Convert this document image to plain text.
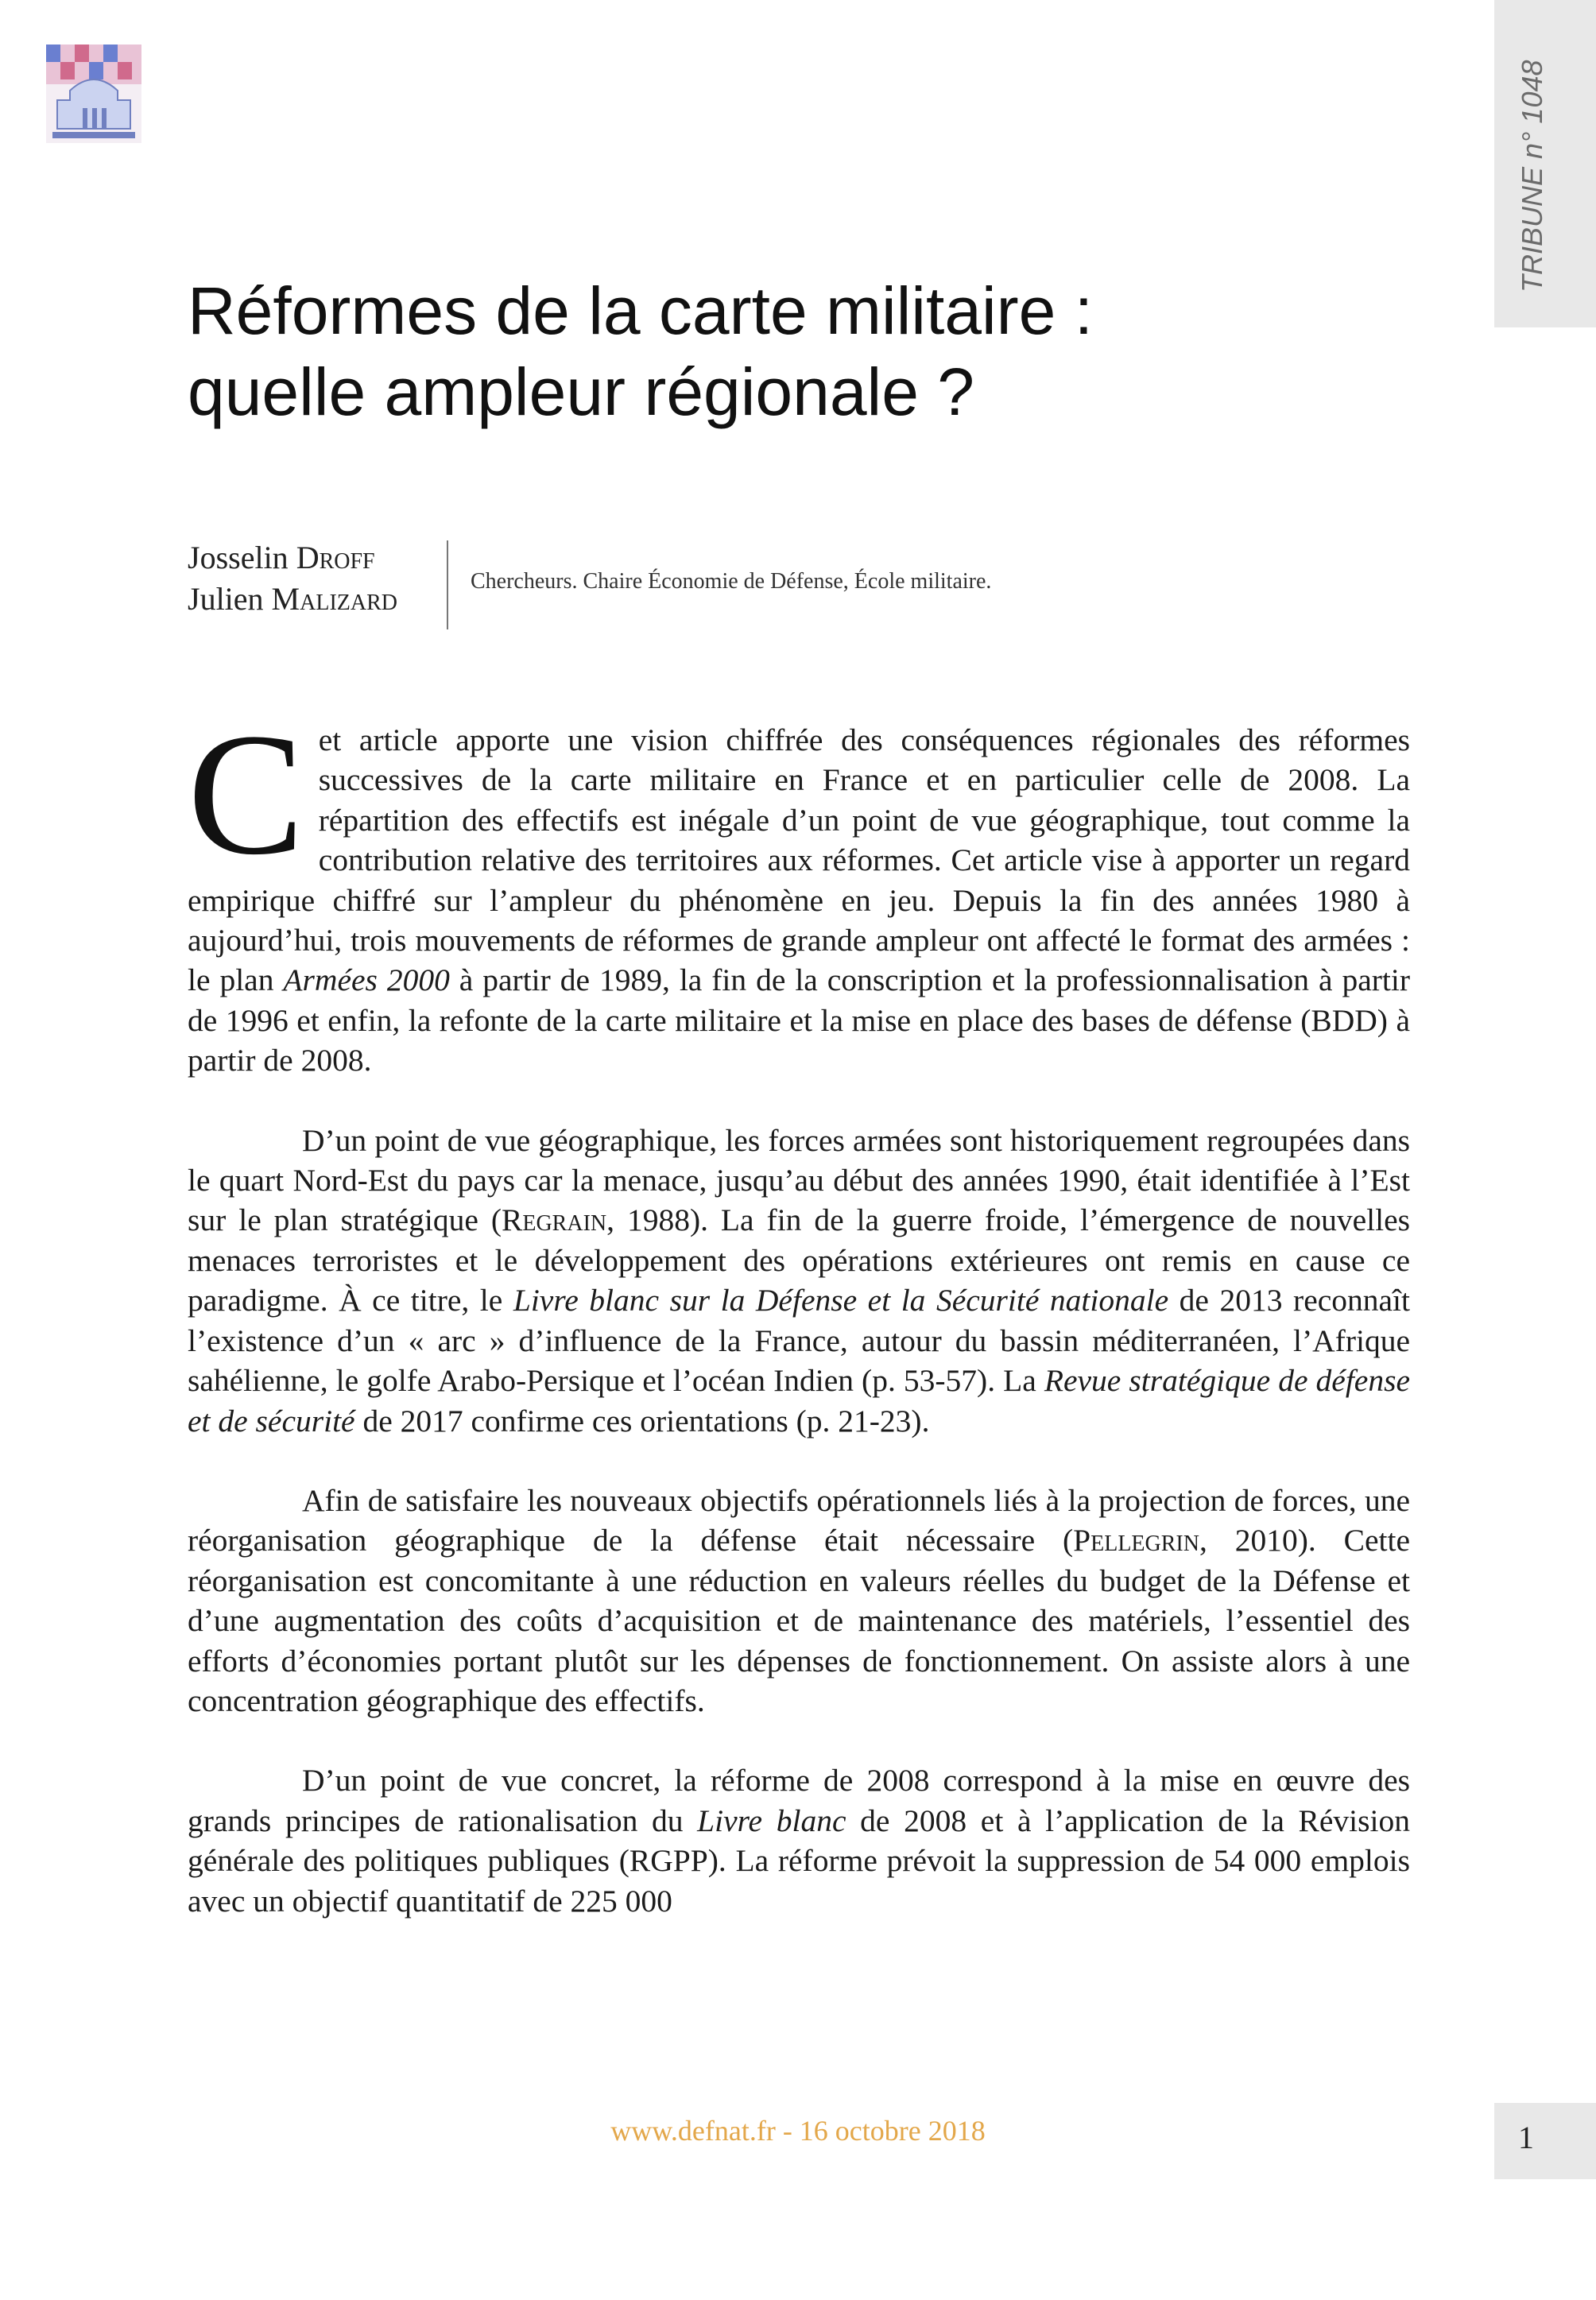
TRIBUNE n° 1048
Réformes de la carte militaire :
quelle ampleur régionale ?
Josselin Droff
Julien Malizard	Chercheurs. Chaire Économie de Défense, École militaire.

Cet article apporte une vision chiffrée des conséquences régionales des réformes successives de la carte militaire en France et en particulier celle de 2008. La répartition des effectifs est inégale d’un point de vue géographique, tout comme la contribution relative des territoires aux réformes. Cet article vise à apporter un regard empirique chiffré sur l’ampleur du phénomène en jeu. Depuis la fin des années 1980 à aujourd’hui, trois mouvements de réformes de grande ampleur ont affecté le format des armées : le plan Armées 2000 à partir de 1989, la fin de la conscription et la professionnalisation à partir de 1996 et enfin, la refonte de la carte militaire et la mise en place des bases de défense (BDD) à partir de 2008.

D’un point de vue géographique, les forces armées sont historiquement regroupées dans le quart Nord-Est du pays car la menace, jusqu’au début des années 1990, était identifiée à l’Est sur le plan stratégique (Regrain, 1988). La fin de la guerre froide, l’émergence de nouvelles menaces terroristes et le développement des opérations extérieures ont remis en cause ce paradigme. À ce titre, le Livre blanc sur la Défense et la Sécurité nationale de 2013 reconnaît l’existence d’un « arc » d’influence de la France, autour du bassin méditerranéen, l’Afrique sahélienne, le golfe Arabo-Persique et l’océan Indien (p. 53-57). La Revue stratégique de défense et de sécurité de 2017 confirme ces orientations (p. 21-23).

Afin de satisfaire les nouveaux objectifs opérationnels liés à la projection de forces, une réorganisation géographique de la défense était nécessaire (Pellegrin, 2010). Cette réorganisation est concomitante à une réduction en valeurs réelles du budget de la Défense et d’une augmentation des coûts d’acquisition et de maintenance des matériels, l’essentiel des efforts d’économies portant plutôt sur les dépenses de fonctionnement. On assiste alors à une concentration géographique des effectifs.

D’un point de vue concret, la réforme de 2008 correspond à la mise en œuvre des grands principes de rationalisation du Livre blanc de 2008 et à l’application de la Révision générale des politiques publiques (RGPP). La réforme prévoit la suppression de 54 000 emplois avec un objectif quantitatif de 225 000

www.defnat.fr - 16 octobre 2018	1
